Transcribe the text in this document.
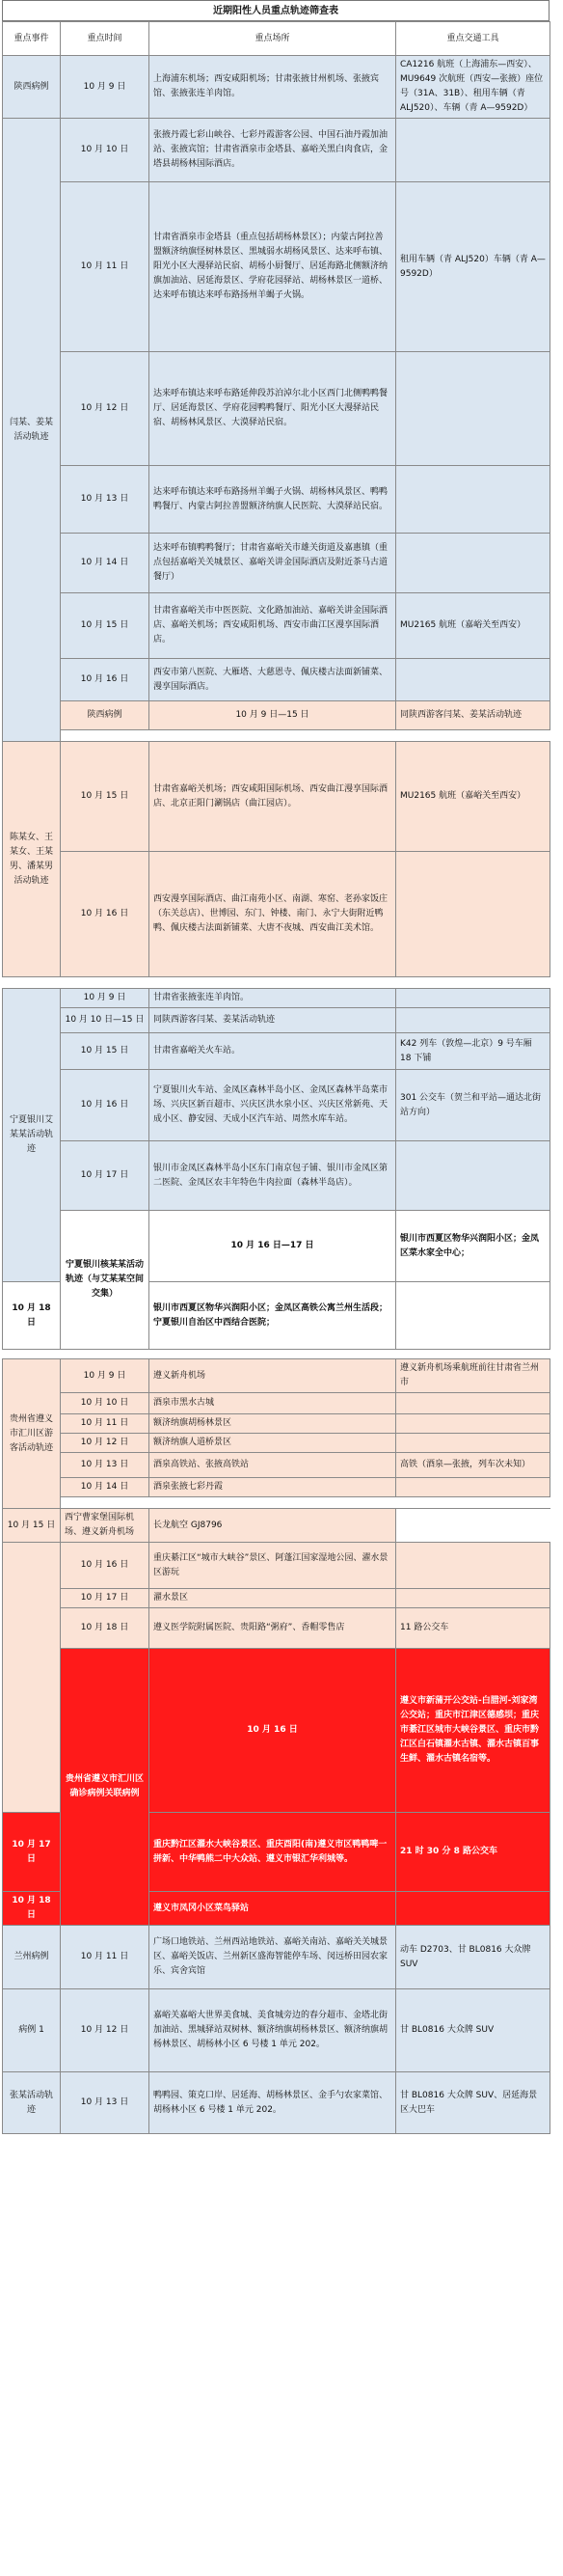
近期阳性人员重点轨迹筛查表
重点事件	重点时间	重点场所	重点交通工具	
陕西病例	10 月 9 日	上海浦东机场；西安咸阳机场；甘肃张掖甘州机场、张掖宾馆、张掖张连羊肉馆。	CA1216 航班（上海浦东—西安）、MU9649 次航班（西安—张掖）座位号（31A、31B）、租用车辆（青 ALJ520）、车辆（青 A—9592D）	
闫某、姜某活动轨迹	10 月 10 日	张掖丹霞七彩山峡谷、七彩丹霞游客公园、中国石油丹霞加油站、张掖宾馆；甘肃省酒泉市金塔县、嘉峪关黑白肉食店，金塔县胡杨林国际酒店。		
	10 月 11 日	甘肃省酒泉市金塔县（重点包括胡杨林景区）；内蒙古阿拉善盟额济纳旗怪树林景区、黑城弱水胡杨风景区、达来呼布镇、阳光小区大漫驿站民宿、胡杨小厨餐厅、居延海路北侧额济纳旗加油站、居延海景区、学府花园驿站、胡杨林景区一道桥、达来呼布镇达来呼布路扬州羊蝎子火锅。	租用车辆（青 ALJ520）车辆（青 A—9592D）	
	10 月 12 日	达来呼布镇达来呼布路延伸段苏泊淖尔北小区西门北侧鸭鸭餐厅、居延海景区、学府花园鸭鸭餐厅、阳光小区大漫驿站民宿、胡杨林风景区、大漠驿站民宿。		
	10 月 13 日	达来呼布镇达来呼布路扬州羊蝎子火锅、胡杨林风景区、鸭鸭鸭餐厅、内蒙古阿拉善盟额济纳旗人民医院、大漠驿站民宿。		
	10 月 14 日	达来呼布镇鸭鸭餐厅；甘肃省嘉峪关市雄关街道及嘉惠镇（重点包括嘉峪关关城景区、嘉峪关讲金国际酒店及附近茶马古道餐厅）		
	10 月 15 日	甘肃省嘉峪关市中医医院、文化路加油站、嘉峪关讲金国际酒店、嘉峪关机场；西安咸阳机场、西安市曲江区漫享国际酒店。	MU2165 航班（嘉峪关至西安）	
	10 月 16 日	西安市第八医院、大雁塔、大慈恩寺、佩庆楼古法面新铺菜、漫享国际酒店。		
	陕西病例	10 月 9 日—15 日	同陕西游客闫某、姜某活动轨迹	

陈某女、王某女、王某男、潘某男活动轨迹	10 月 15 日	甘肃省嘉峪关机场；西安咸阳国际机场、西安曲江漫享国际酒店、北京正阳门涮锅店（曲江园店）。	MU2165 航班（嘉峪关至西安）	
	10 月 16 日	西安漫享国际酒店、曲江南苑小区、南湖、寒窑、老孙家饭庄（东关总店）、世博园、东门、钟楼、南门、永宁大街附近鸭鸭、佩庆楼古法面新铺菜、大唐不夜城、西安曲江美术馆。		

宁夏银川艾某某活动轨迹	10 月 9 日	甘肃省张掖张连羊肉馆。		
	10 月 10 日—15 日	同陕西游客闫某、姜某活动轨迹		
	10 月 15 日	甘肃省嘉峪关火车站。	K42 列车（敦煌—北京）9 号车厢 18 下铺	
	10 月 16 日	宁夏银川火车站、金凤区森林半岛小区、金凤区森林半岛菜市场、兴庆区新百超市、兴庆区洪水泉小区、兴庆区常新苑、天成小区、静安园、天成小区汽车站、周然水库车站。	301 公交车（贺兰和平站—通达北街站方向）	
	10 月 17 日	银川市金凤区森林半岛小区东门南京包子铺、银川市金凤区第二医院、金凤区农丰年特色牛肉拉面（森林半岛店）。		
	宁夏银川核某某活动轨迹（与艾某某空间交集）	10 月 16 日—17 日	银川市西夏区物华兴润阳小区；金凤区菜水家全中心；	
10 月 18 日		银川市西夏区物华兴润阳小区；金凤区高铁公寓兰州生活段；宁夏银川自治区中西结合医院；		

贵州省遵义市汇川区游客活动轨迹	10 月 9 日	遵义新舟机场	遵义新舟机场乘航班前往甘肃省兰州市	
	10 月 10 日	酒泉市黑水古城		
	10 月 11 日	额济纳旗胡杨林景区		
	10 月 12 日	额济纳旗人道桥景区		
	10 月 13 日	酒泉高铁站、张掖高铁站	高铁（酒泉—张掖，列车次未知）	
	10 月 14 日	酒泉张掖七彩丹霞		

10 月 15 日	西宁曹家堡国际机场、遵义新舟机场	长龙航空 GJ8796		
	10 月 16 日	重庆綦江区“城市大峡谷”景区、阿蓬江国家湿地公园、濯水景区游玩		
	10 月 17 日	濯水景区		
	10 月 18 日	遵义医学院附属医院、贵阳路“粥府”、香帽零售店	11 路公交车	
	贵州省遵义市汇川区确诊病例关联病例	10 月 16 日	遵义市新蒲开公交站-白腊河-刘家湾公交站；重庆市江津区德感坝；重庆市綦江区城市大峡谷景区、重庆市黔江区白石镇濯水古镇、濯水古镇百事生鲜、濯水古镇名宿等。	7 路公交车；康余大巴车
10 月 17 日		重庆黔江区濯水大峡谷景区、重庆酉阳(南)遵义市区鸭鸭啤一拼新、中华鸭熊二中大众站、遵义市银汇华利城等。	21 时 30 分 8 路公交车	
10 月 18 日		遵义市凤冈小区菜鸟驿站		
兰州病例	10 月 11 日	广场口地铁站、兰州西站地铁站、嘉峪关南站、嘉峪关关城景区、嘉峪关饭店、兰州新区盛海智能停车场、闵远桥田园农家乐、宾舍宾馆	动车 D2703、甘 BL0816 大众牌 SUV	
病例 1	10 月 12 日	嘉峪关嘉峪大世界美食城、美食城旁边的春分超市、金塔北街加油站、黑城驿站双树林、额济纳旗胡杨林景区、额济纳旗胡杨林景区、胡杨林小区 6 号楼 1 单元 202。	甘 BL0816 大众牌 SUV	
张某活动轨迹	10 月 13 日	鸭鸭园、策克口岸、居延海、胡杨林景区、金手勺农家菜馆、胡杨林小区 6 号楼 1 单元 202。	甘 BL0816 大众牌 SUV、居延海景区大巴车	
